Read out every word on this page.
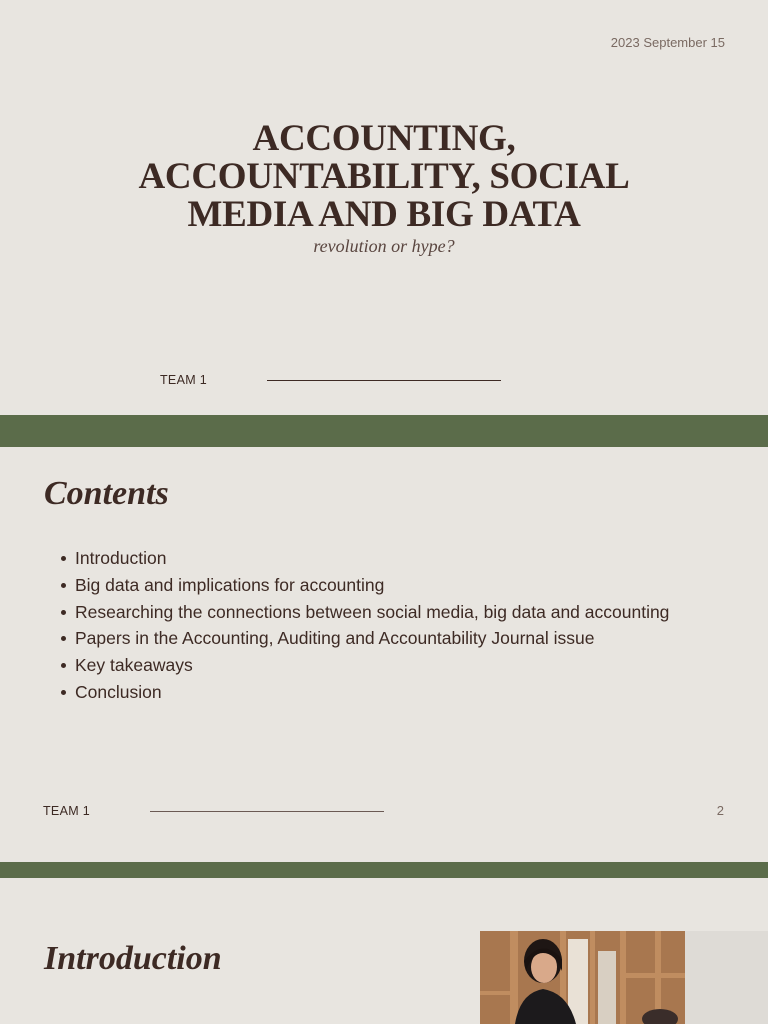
2023 September 15
ACCOUNTING,
ACCOUNTABILITY, SOCIAL
MEDIA AND BIG DATA
revolution or hype?
TEAM 1
Contents
Introduction
Big data and implications for accounting
Researching the connections between social media, big data and accounting
Papers in the Accounting, Auditing and Accountability Journal issue
Key takeaways
Conclusion
TEAM 1	2
Introduction
